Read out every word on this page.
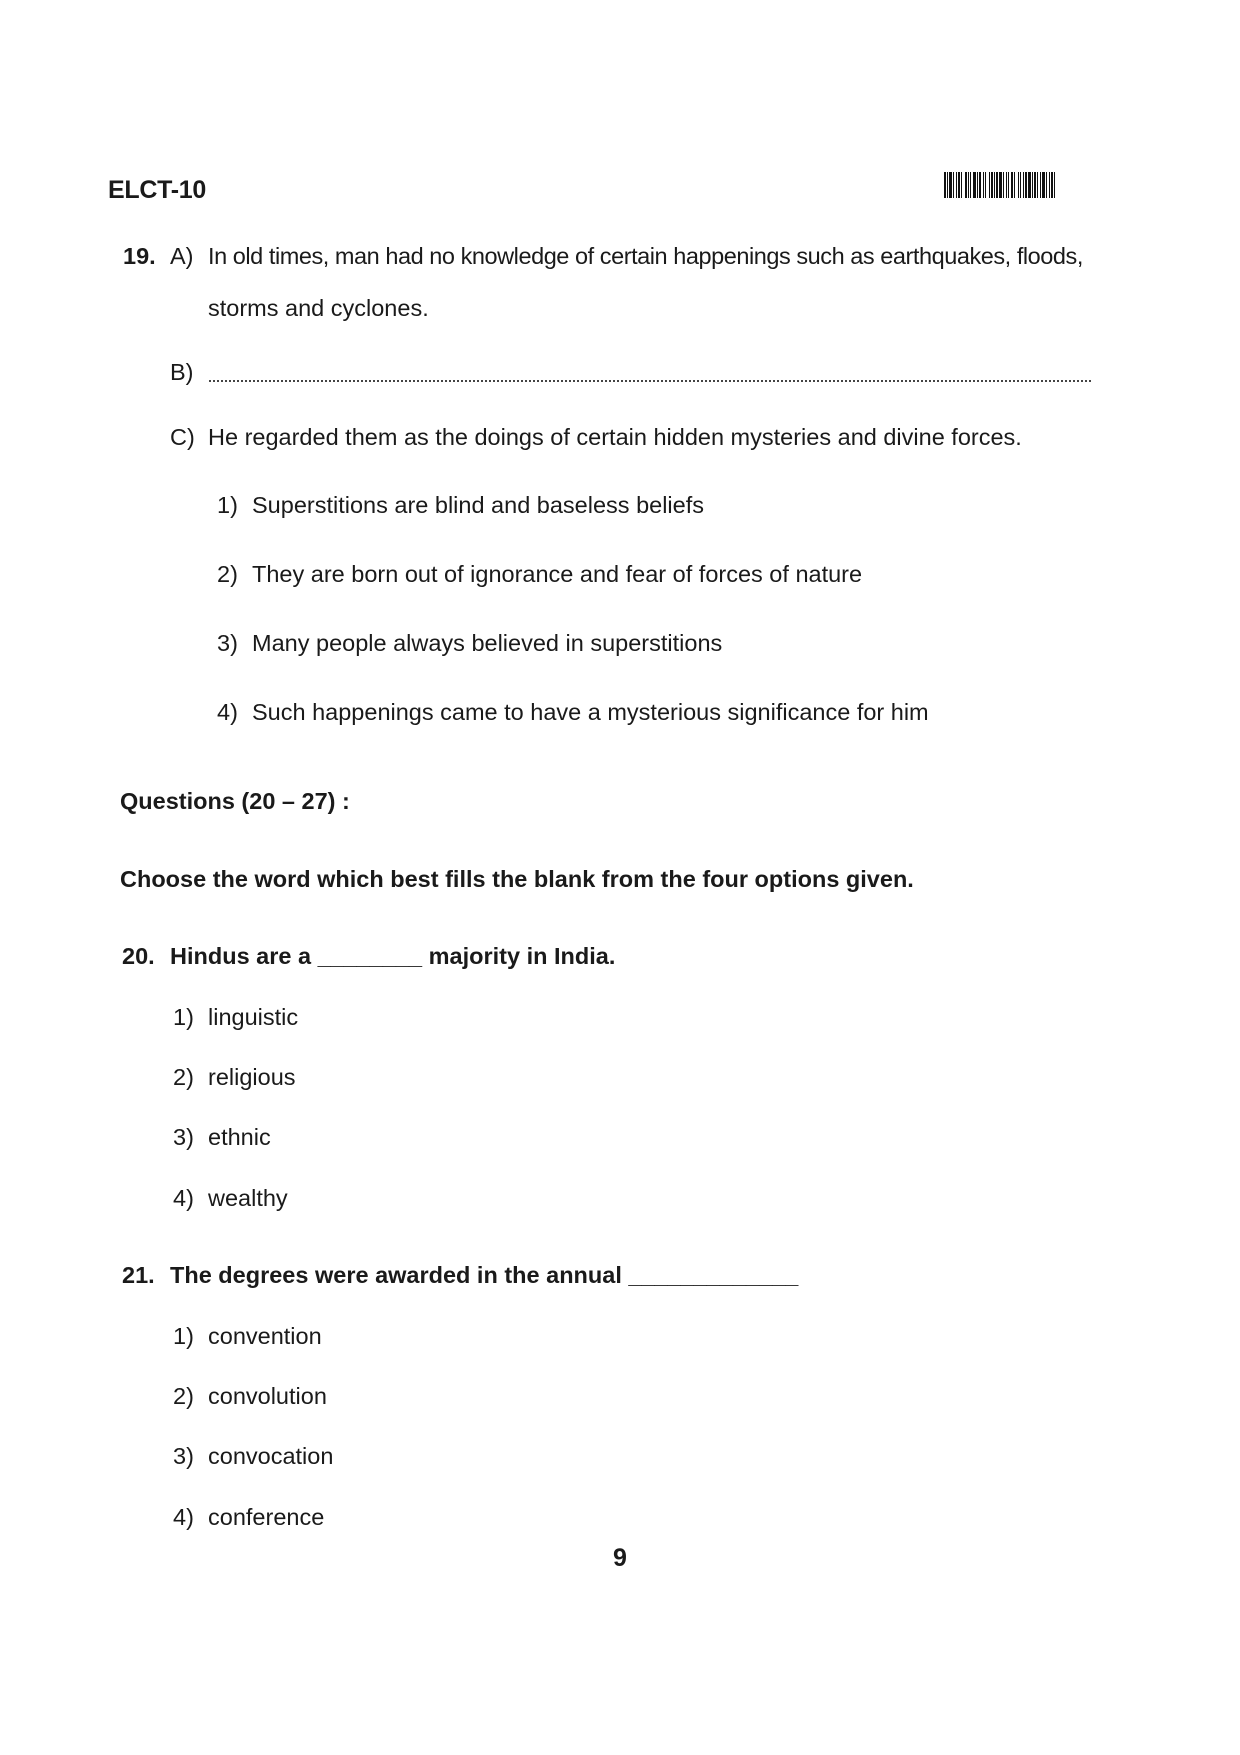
ELCT-10
19. A) In old times, man had no knowledge of certain happenings such as earthquakes, floods,
storms and cyclones.
B)
C) He regarded them as the doings of certain hidden mysteries and divine forces.
1) Superstitions are blind and baseless beliefs
2) They are born out of ignorance and fear of forces of nature
3) Many people always believed in superstitions
4) Such happenings came to have a mysterious significance for him
Questions (20 – 27) :
Choose the word which best fills the blank from the four options given.
20. Hindus are a ________ majority in India.
1) linguistic
2) religious
3) ethnic
4) wealthy
21. The degrees were awarded in the annual _____________
1) convention
2) convolution
3) convocation
4) conference
9
